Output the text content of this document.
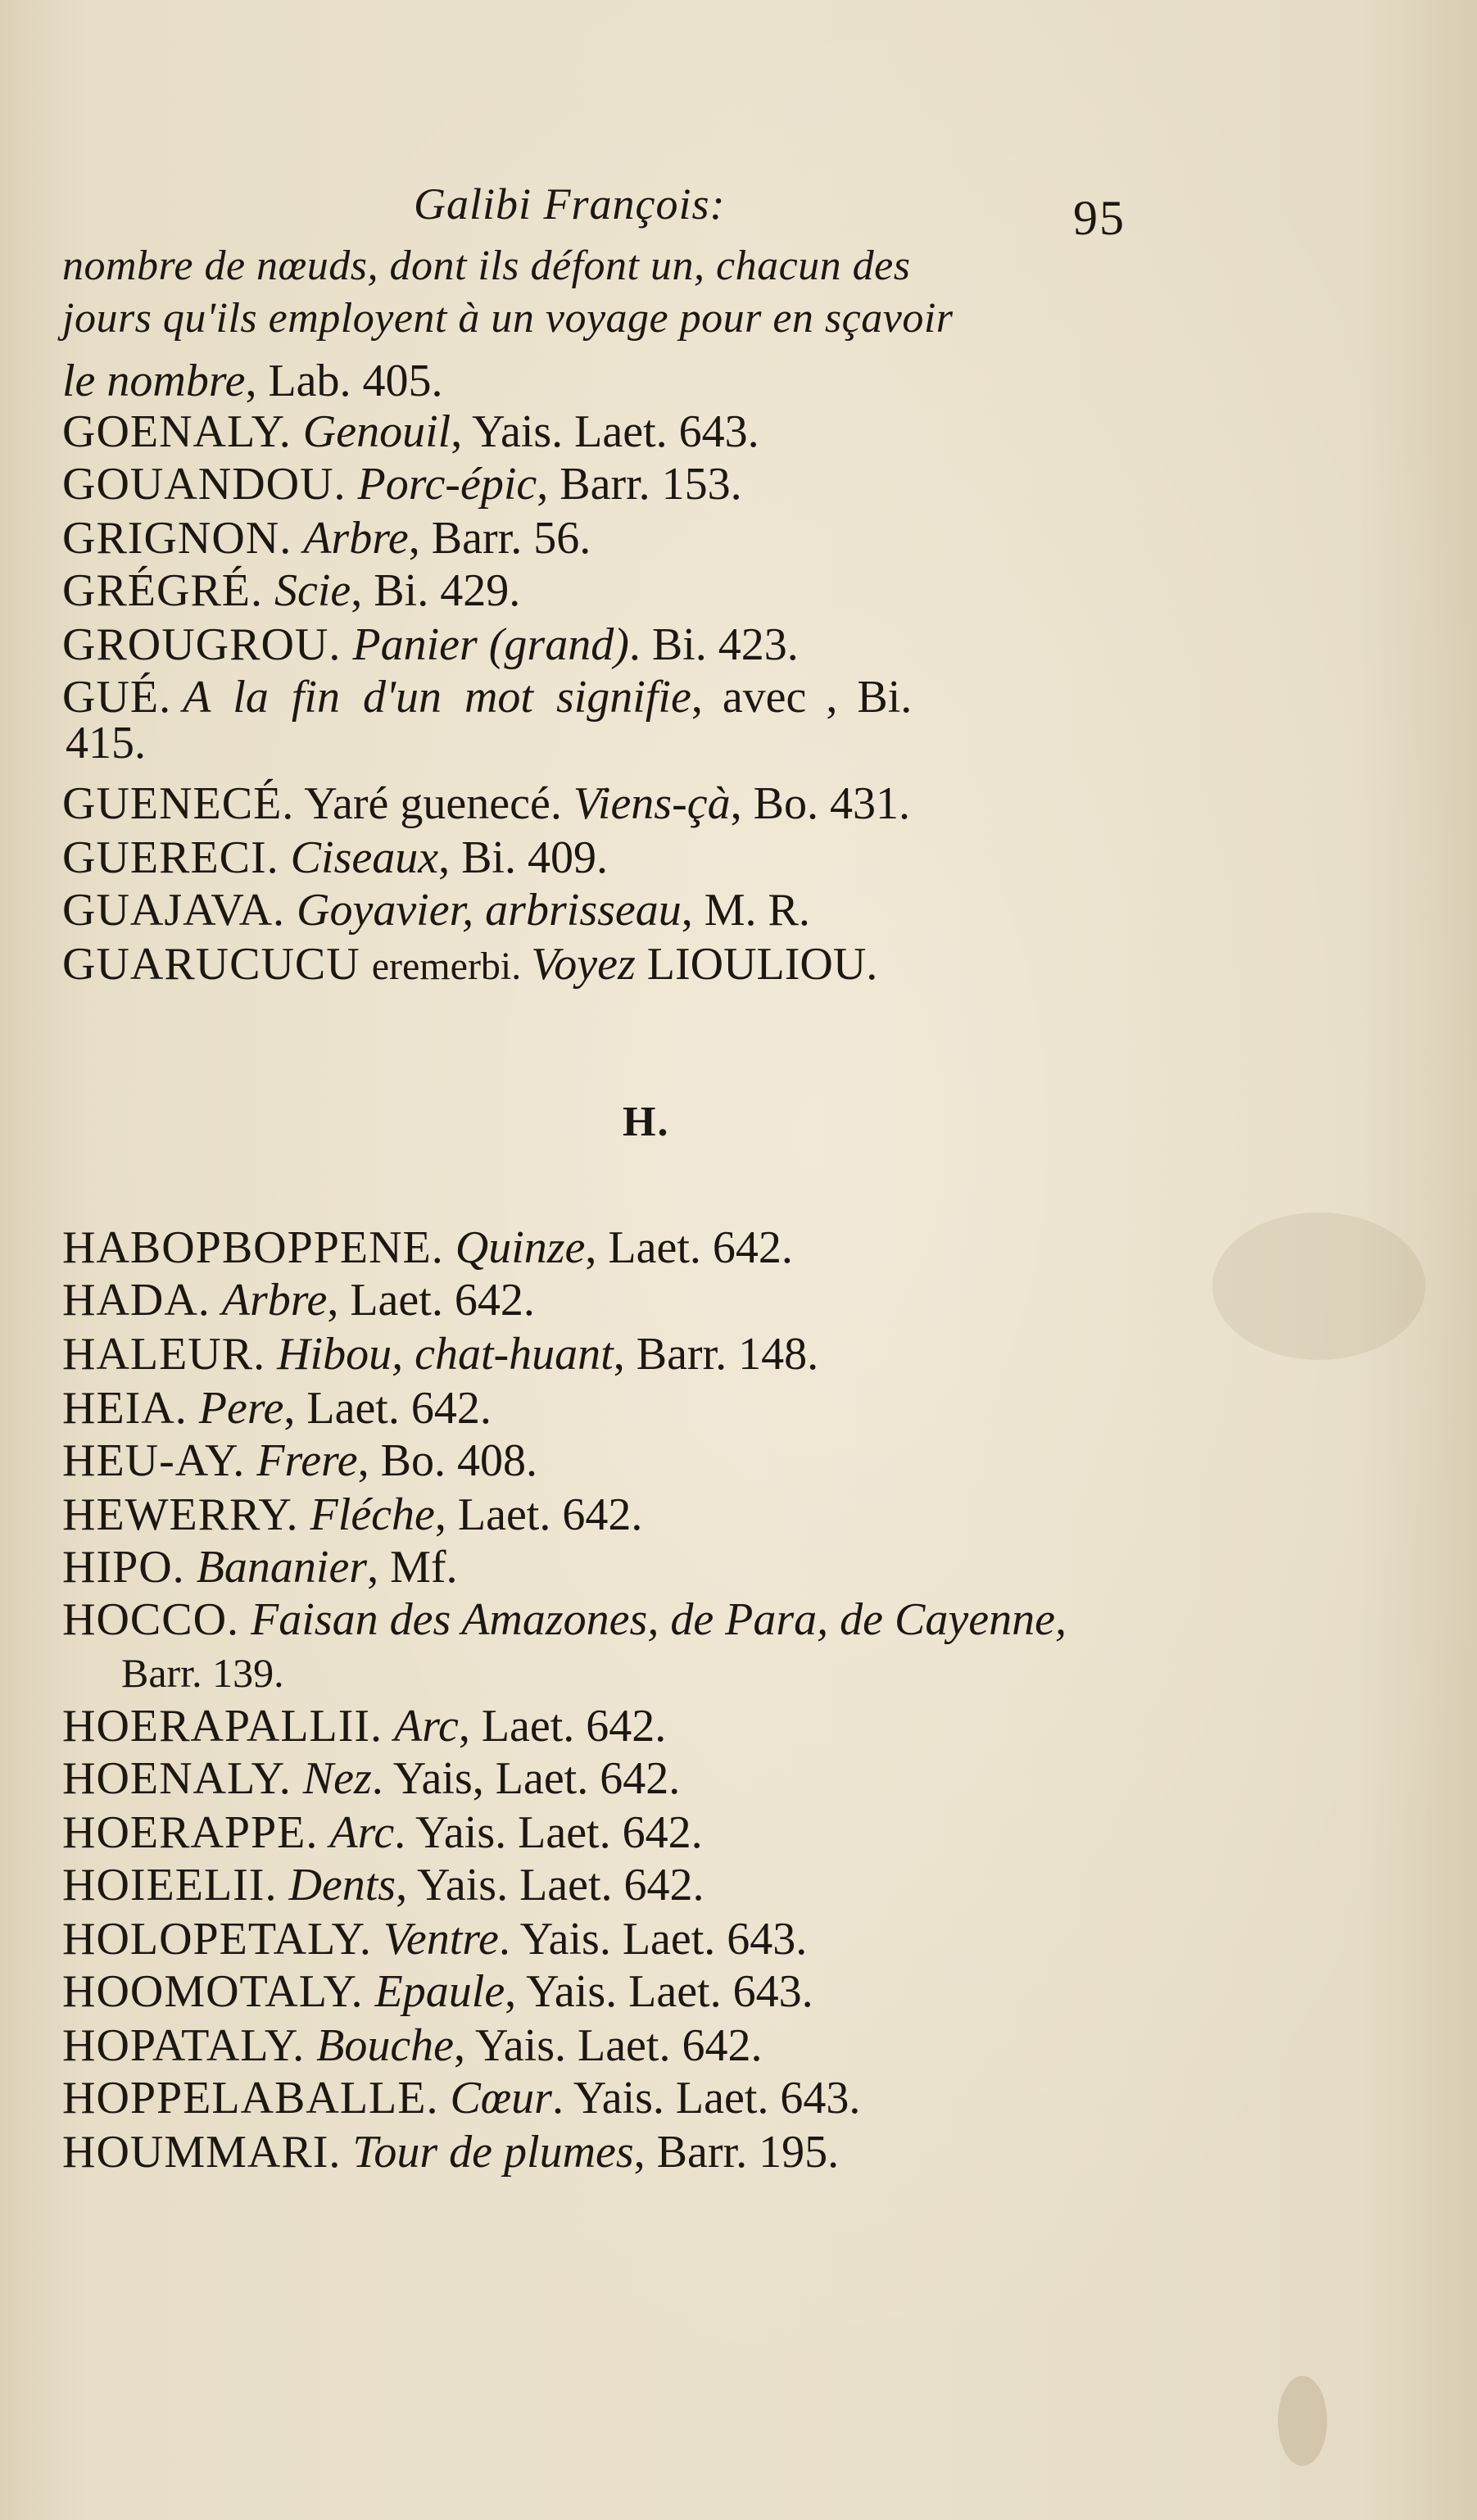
Galibi François:	95
nombre de nœuds, dont ils défont un, chacun des
jours qu'ils employent à un voyage pour en sçavoir
le nombre, Lab. 405.
GOENALY. Genouil, Yais. Laet. 643.
GOUANDOU. Porc-épic, Barr. 153.
GRIGNON. Arbre, Barr. 56.
GRÉGRÉ. Scie, Bi. 429.
GROUGROU. Panier (grand). Bi. 423.
GUÉ. A la fin d'un mot signifie, avec , Bi.
415.
GUENECÉ. Yaré guenecé. Viens-çà, Bo. 431.
GUERECI. Ciseaux, Bi. 409.
GUAJAVA. Goyavier, arbrisseau, M. R.
GUARUCUCU eremerbi. Voyez LIOULIOU.
H.
HABOPBOPPENE. Quinze, Laet. 642.
HADA. Arbre, Laet. 642.
HALEUR. Hibou, chat-huant, Barr. 148.
HEIA. Pere, Laet. 642.
HEU-AY. Frere, Bo. 408.
HEWERRY. Fléche, Laet. 642.
HIPO. Bananier, Mf.
HOCCO. Faisan des Amazones, de Para, de Cayenne,
Barr. 139.
HOERAPALLII. Arc, Laet. 642.
HOENALY. Nez. Yais, Laet. 642.
HOERAPPE. Arc. Yais. Laet. 642.
HOIEELII. Dents, Yais. Laet. 642.
HOLOPETALY. Ventre. Yais. Laet. 643.
HOOMOTALY. Epaule, Yais. Laet. 643.
HOPATALY. Bouche, Yais. Laet. 642.
HOPPELABALLE. Cœur. Yais. Laet. 643.
HOUMMARI. Tour de plumes, Barr. 195.
